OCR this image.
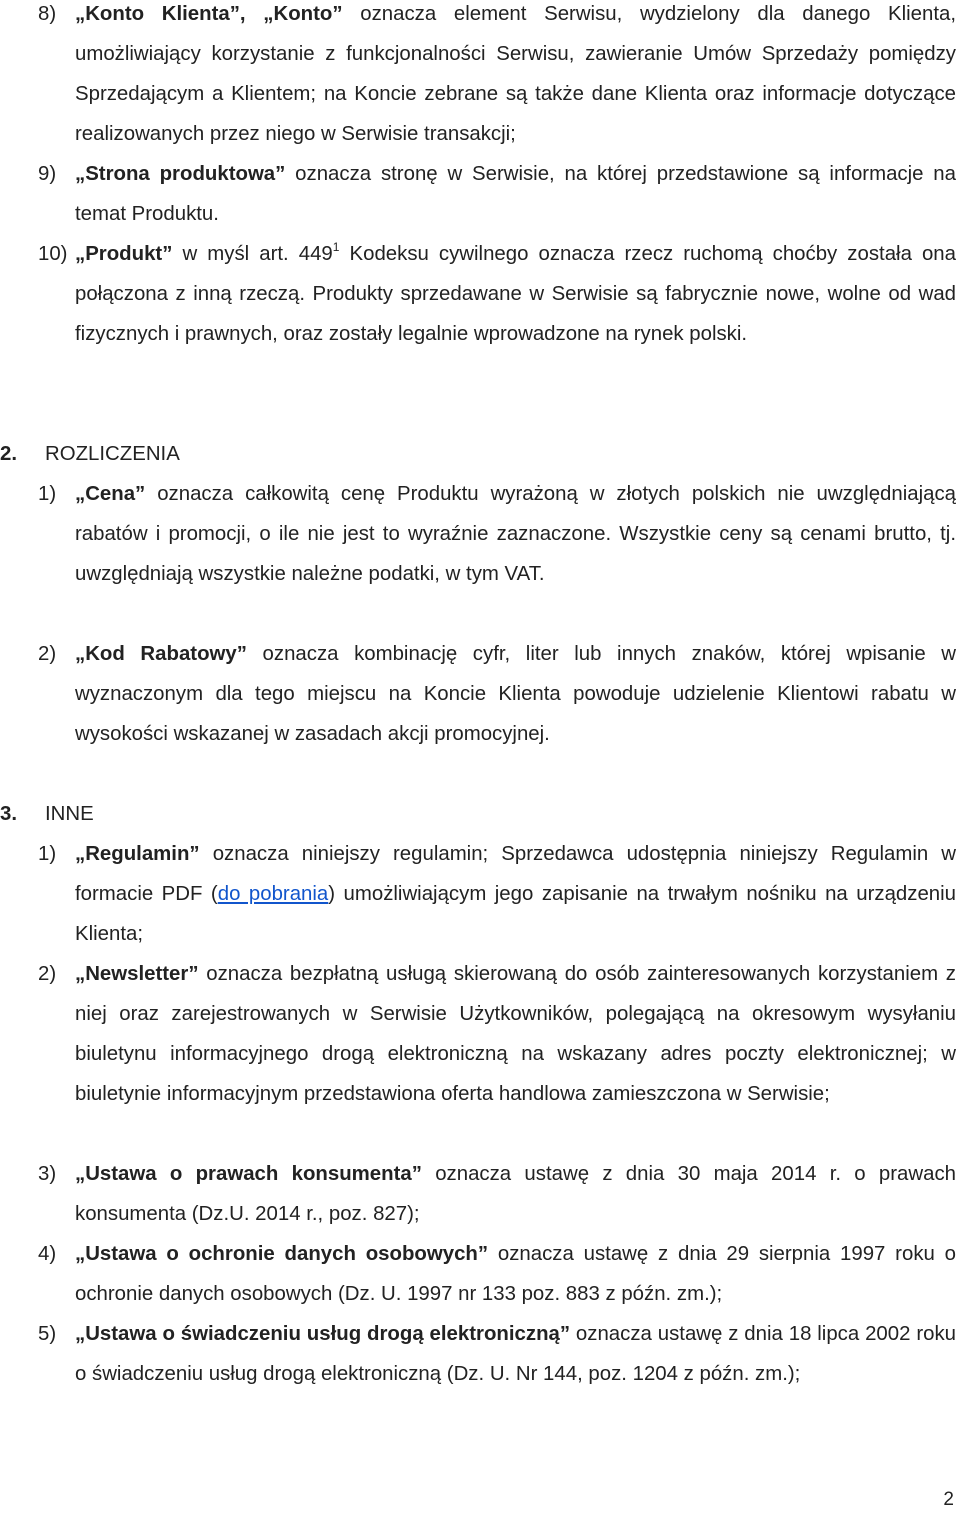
8) „Konto Klienta”, „Konto” oznacza element Serwisu, wydzielony dla danego Klienta, umożliwiający korzystanie z funkcjonalności Serwisu, zawieranie Umów Sprzedaży pomiędzy Sprzedającym a Klientem; na Koncie zebrane są także dane Klienta oraz informacje dotyczące realizowanych przez niego w Serwisie transakcji;
9) „Strona produktowa” oznacza stronę w Serwisie, na której przedstawione są informacje na temat Produktu.
10) „Produkt” w myśl art. $449^1$ Kodeksu cywilnego oznacza rzecz ruchomą choćby została ona połączona z inną rzeczą. Produkty sprzedawane w Serwisie są fabrycznie nowe, wolne od wad fizycznych i prawnych, oraz zostały legalnie wprowadzone na rynek polski.
2. ROZLICZENIA
1) „Cena” oznacza całkowitą cenę Produktu wyrażoną w złotych polskich nie uwzględniającą rabatów i promocji, o ile nie jest to wyraźnie zaznaczone. Wszystkie ceny są cenami brutto, tj. uwzględniają wszystkie należne podatki, w tym VAT.
2) „Kod Rabatowy” oznacza kombinację cyfr, liter lub innych znaków, której wpisanie w wyznaczonym dla tego miejscu na Koncie Klienta powoduje udzielenie Klientowi rabatu w wysokości wskazanej w zasadach akcji promocyjnej.
3. INNE
1) „Regulamin” oznacza niniejszy regulamin; Sprzedawca udostępnia niniejszy Regulamin w formacie PDF (do pobrania) umożliwiającym jego zapisanie na trwałym nośniku na urządzeniu Klienta;
2) „Newsletter” oznacza bezpłatną usługą skierowaną do osób zainteresowanych korzystaniem z niej oraz zarejestrowanych w Serwisie Użytkowników, polegającą na okresowym wysyłaniu biuletynu informacyjnego drogą elektroniczną na wskazany adres poczty elektronicznej; w biuletynie informacyjnym przedstawiona oferta handlowa zamieszczona w Serwisie;
3) „Ustawa o prawach konsumenta” oznacza ustawę z dnia 30 maja 2014 r. o prawach konsumenta (Dz.U. 2014 r., poz. 827);
4) „Ustawa o ochronie danych osobowych” oznacza ustawę z dnia 29 sierpnia 1997 roku o ochronie danych osobowych (Dz. U. 1997 nr 133 poz. 883 z późn. zm.);
5) „Ustawa o świadczeniu usług drogą elektroniczną” oznacza ustawę z dnia 18 lipca 2002 roku o świadczeniu usług drogą elektroniczną (Dz. U. Nr 144, poz. 1204 z późn. zm.);
2
